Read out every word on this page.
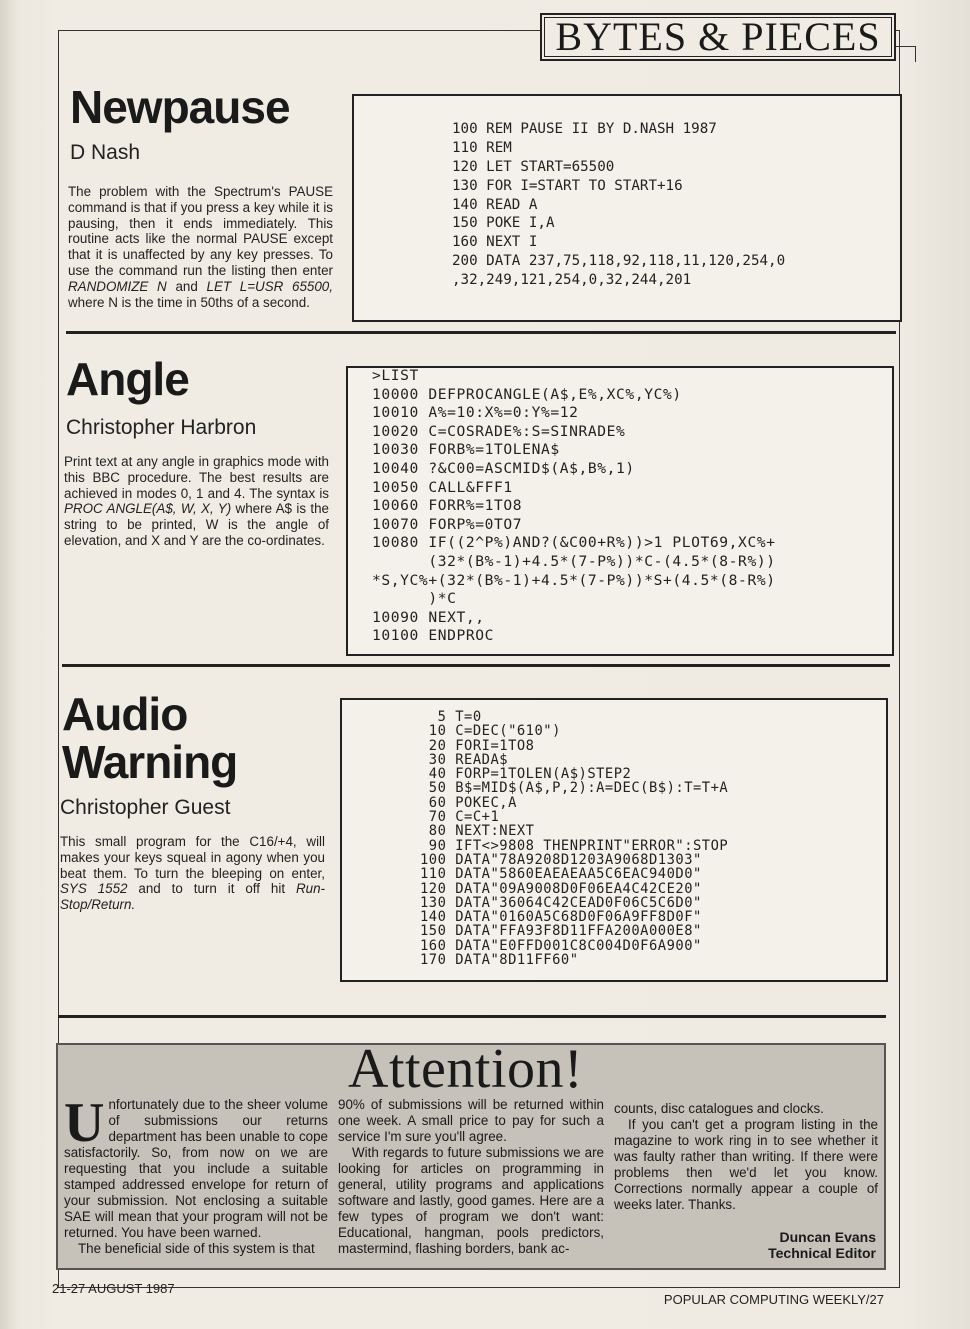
BYTES & PIECES
Newpause
D Nash
The problem with the Spectrum's PAUSE command is that if you press a key while it is pausing, then it ends immediately. This routine acts like the normal PAUSE except that it is unaffected by any key presses. To use the command run the listing then enter RANDOMIZE N and LET L=USR 65500, where N is the time in 50ths of a second.
100 REM PAUSE II BY D.NASH 1987
110 REM
120 LET START=65500
130 FOR I=START TO START+16
140 READ A
150 POKE I,A
160 NEXT I
200 DATA 237,75,118,92,118,11,120,254,0
,32,249,121,254,0,32,244,201
Angle
Christopher Harbron
Print text at any angle in graphics mode with this BBC procedure. The best results are achieved in modes 0, 1 and 4. The syntax is PROC ANGLE(A$, W, X, Y) where A$ is the string to be printed, W is the angle of elevation, and X and Y are the co-ordinates.
>LIST
10000 DEFPROCANGLE(A$,E%,XC%,YC%)
10010 A%=10:X%=0:Y%=12
10020 C=COSRADE%:S=SINRADE%
10030 FORB%=1TOLENA$
10040 ?&C00=ASCMID$(A$,B%,1)
10050 CALL&FFF1
10060 FORR%=1TO8
10070 FORP%=0TO7
10080 IF((2^P%)AND?(&C00+R%))>1 PLOT69,XC%+
(32*(B%-1)+4.5*(7-P%))*C-(4.5*(8-R%))
*S,YC%+(32*(B%-1)+4.5*(7-P%))*S+(4.5*(8-R%)
)*C
10090 NEXT,,
10100 ENDPROC
Audio
Warning
Christopher Guest
This small program for the C16/+4, will makes your keys squeal in agony when you beat them. To turn the bleeping on enter, SYS 1552 and to turn it off hit Run-Stop/Return.
5 T=0
10 C=DEC("610")
20 FORI=1TO8
30 READA$
40 FORP=1TOLEN(A$)STEP2
50 B$=MID$(A$,P,2):A=DEC(B$):T=T+A
60 POKEC,A
70 C=C+1
80 NEXT:NEXT
90 IFT<>9808 THENPRINT"ERROR":STOP
100 DATA"78A9208D1203A9068D1303"
110 DATA"5860EAEAEAA5C6EAC940D0"
120 DATA"09A9008D0F06EA4C42CE20"
130 DATA"36064C42CEAD0F06C5C6D0"
140 DATA"0160A5C68D0F06A9FF8D0F"
150 DATA"FFA93F8D11FFA200A000E8"
160 DATA"E0FFD001C8C004D0F6A900"
170 DATA"8D11FF60"
Attention!
Unfortunately due to the sheer volume of submissions our returns department has been unable to cope satisfactorily. So, from now on we are requesting that you include a suitable stamped addressed envelope for return of your submission. Not enclosing a suitable SAE will mean that your program will not be returned. You have been warned.
The beneficial side of this system is that
90% of submissions will be returned within one week. A small price to pay for such a service I'm sure you'll agree.
With regards to future submissions we are looking for articles on programming in general, utility programs and applications software and lastly, good games. Here are a few types of program we don't want: Educational, hangman, pools predictors, mastermind, flashing borders, bank ac-
counts, disc catalogues and clocks.
If you can't get a program listing in the magazine to work ring in to see whether it was faulty rather than writing. If there were problems then we'd let you know. Corrections normally appear a couple of weeks later. Thanks.
Duncan Evans
Technical Editor
21-27 AUGUST 1987
POPULAR COMPUTING WEEKLY/27
